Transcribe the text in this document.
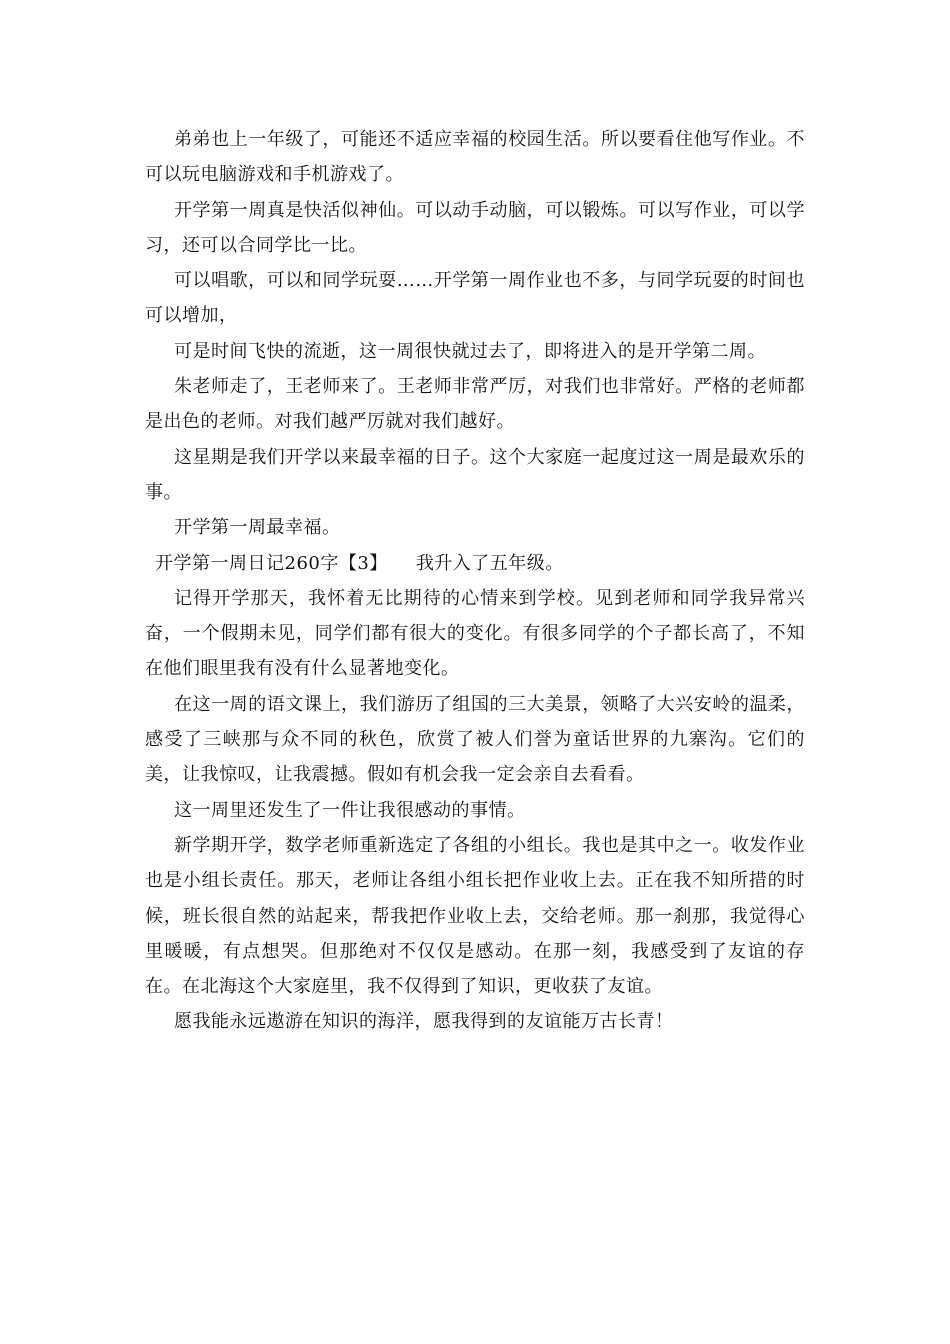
弟弟也上一年级了，可能还不适应幸福的校园生活。所以要看住他写作业。不可以玩电脑游戏和手机游戏了。

开学第一周真是快活似神仙。可以动手动脑，可以锻炼。可以写作业，可以学习，还可以合同学比一比。

可以唱歌，可以和同学玩耍……开学第一周作业也不多，与同学玩耍的时间也可以增加，

可是时间飞快的流逝，这一周很快就过去了，即将进入的是开学第二周。

朱老师走了，王老师来了。王老师非常严厉，对我们也非常好。严格的老师都是出色的老师。对我们越严厉就对我们越好。

这星期是我们开学以来最幸福的日子。这个大家庭一起度过这一周是最欢乐的事。

开学第一周最幸福。

开学第一周日记260字【3】 我升入了五年级。

记得开学那天，我怀着无比期待的心情来到学校。见到老师和同学我异常兴奋，一个假期未见，同学们都有很大的变化。有很多同学的个子都长高了，不知在他们眼里我有没有什么显著地变化。

在这一周的语文课上，我们游历了组国的三大美景，领略了大兴安岭的温柔，感受了三峡那与众不同的秋色，欣赏了被人们誉为童话世界的九寨沟。它们的美，让我惊叹，让我震撼。假如有机会我一定会亲自去看看。

这一周里还发生了一件让我很感动的事情。

新学期开学，数学老师重新选定了各组的小组长。我也是其中之一。收发作业也是小组长责任。那天，老师让各组小组长把作业收上去。正在我不知所措的时候，班长很自然的站起来，帮我把作业收上去，交给老师。那一刹那，我觉得心里暖暖，有点想哭。但那绝对不仅仅是感动。在那一刻，我感受到了友谊的存在。在北海这个大家庭里，我不仅得到了知识，更收获了友谊。

愿我能永远遨游在知识的海洋，愿我得到的友谊能万古长青！
